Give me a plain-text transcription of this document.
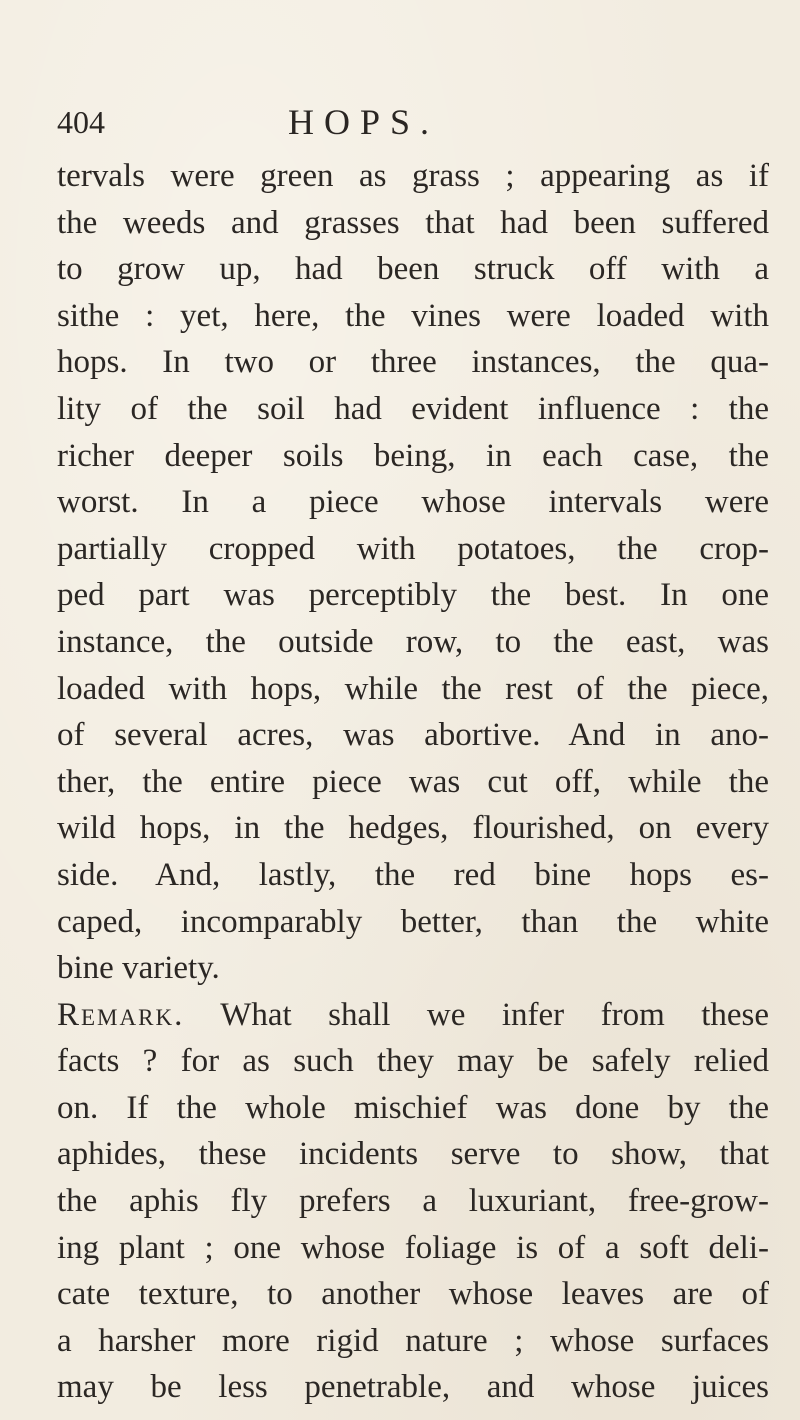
404	HOPS.
tervals were green as grass ; appearing as if
the weeds and grasses that had been suffered
to grow up, had been struck off with a
sithe : yet, here, the vines were loaded with
hops. In two or three instances, the qua-
lity of the soil had evident influence : the
richer deeper soils being, in each case, the
worst. In a piece whose intervals were
partially cropped with potatoes, the crop-
ped part was perceptibly the best. In one
instance, the outside row, to the east, was
loaded with hops, while the rest of the piece,
of several acres, was abortive. And in ano-
ther, the entire piece was cut off, while the
wild hops, in the hedges, flourished, on every
side. And, lastly, the red bine hops es-
caped, incomparably better, than the white
bine variety.
Remark. What shall we infer from these
facts ? for as such they may be safely relied
on. If the whole mischief was done by the
aphides, these incidents serve to show, that
the aphis fly prefers a luxuriant, free-grow-
ing plant ; one whose foliage is of a soft deli-
cate texture, to another whose leaves are of
a harsher more rigid nature ; whose surfaces
may be less penetrable, and whose juices
